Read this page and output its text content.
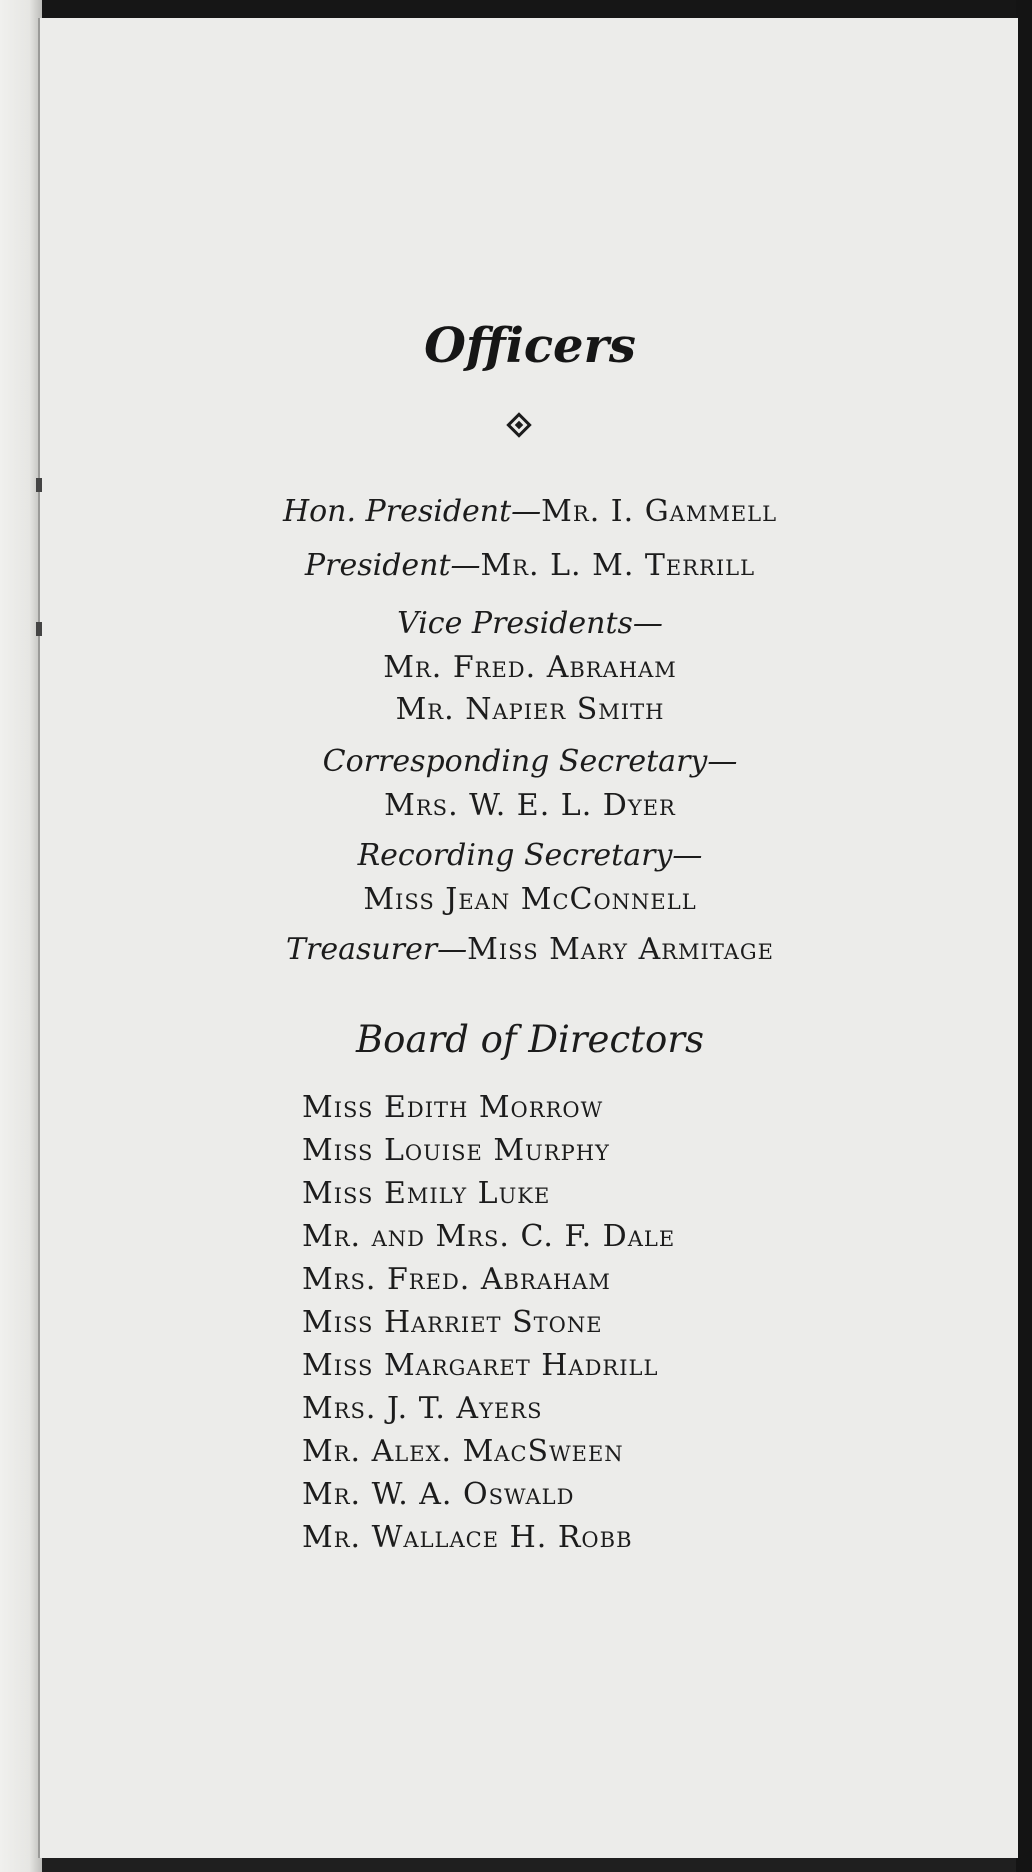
Officers
Hon. President—Mr. I. Gammell
President—Mr. L. M. Terrill
Vice Presidents—
Mr. Fred. Abraham
Mr. Napier Smith
Corresponding Secretary—
Mrs. W. E. L. Dyer
Recording Secretary—
Miss Jean McConnell
Treasurer—Miss Mary Armitage
Board of Directors
Miss Edith Morrow
Miss Louise Murphy
Miss Emily Luke
Mr. and Mrs. C. F. Dale
Mrs. Fred. Abraham
Miss Harriet Stone
Miss Margaret Hadrill
Mrs. J. T. Ayers
Mr. Alex. MacSween
Mr. W. A. Oswald
Mr. Wallace H. Robb
